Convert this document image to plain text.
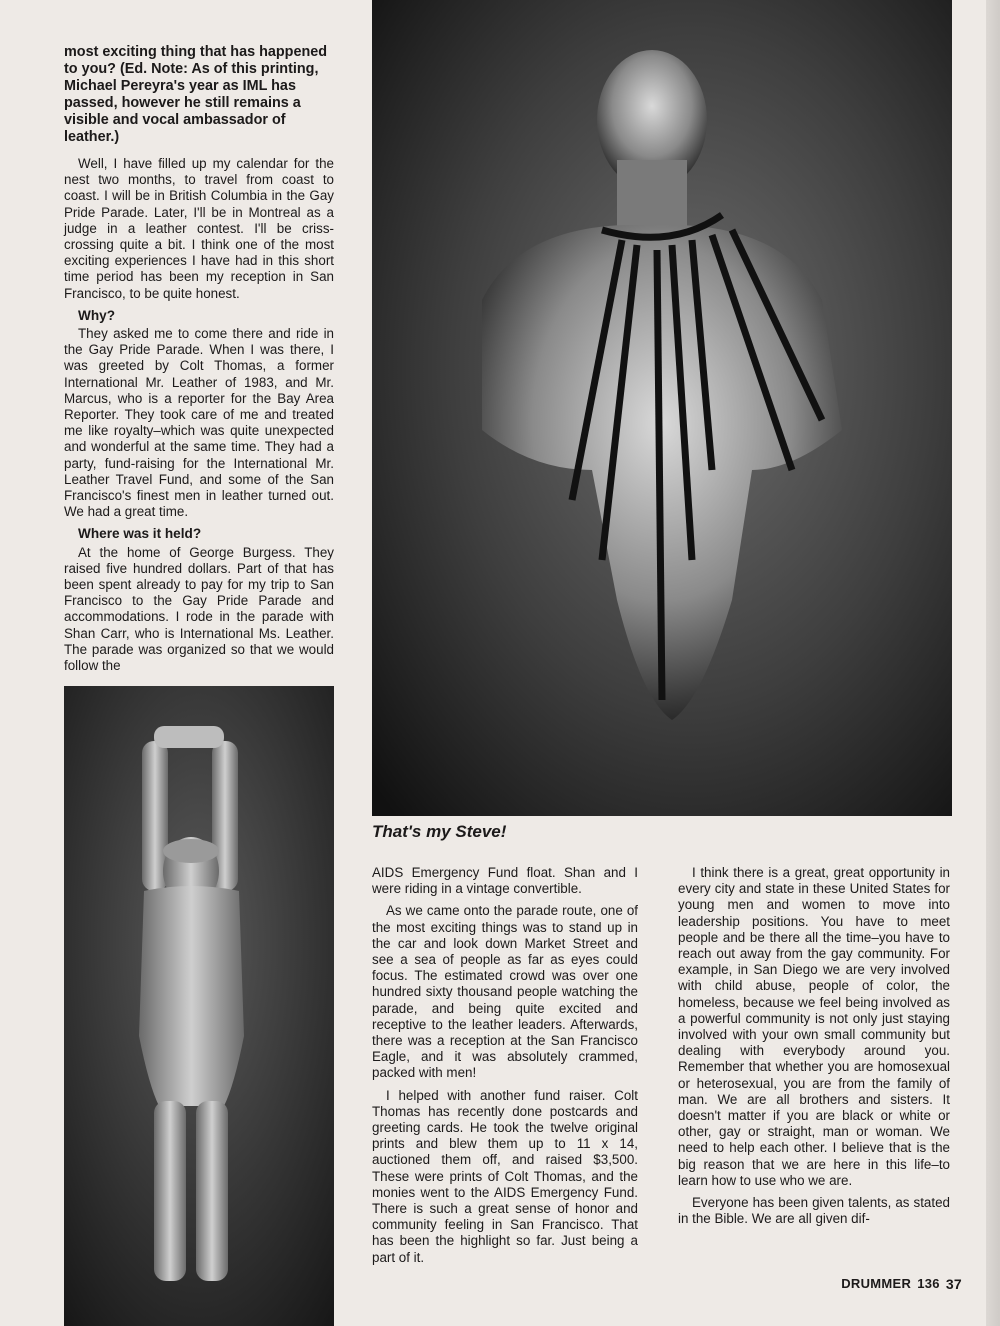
most exciting thing that has happened to you? (Ed. Note: As of this printing, Michael Pereyra's year as IML has passed, however he still remains a visible and vocal ambassador of leather.)

Well, I have filled up my calendar for the nest two months, to travel from coast to coast. I will be in British Columbia in the Gay Pride Parade. Later, I'll be in Montreal as a judge in a leather contest. I'll be criss-crossing quite a bit. I think one of the most exciting experiences I have had in this short time period has been my reception in San Francisco, to be quite honest.

Why?

They asked me to come there and ride in the Gay Pride Parade. When I was there, I was greeted by Colt Thomas, a former International Mr. Leather of 1983, and Mr. Marcus, who is a reporter for the Bay Area Reporter. They took care of me and treated me like royalty–which was quite unexpected and wonderful at the same time. They had a party, fund-raising for the International Mr. Leather Travel Fund, and some of the San Francisco's finest men in leather turned out. We had a great time.

Where was it held?

At the home of George Burgess. They raised five hundred dollars. Part of that has been spent already to pay for my trip to San Francisco to the Gay Pride Parade and accommodations. I rode in the parade with Shan Carr, who is International Ms. Leather. The parade was organized so that we would follow the

That's my Steve!

AIDS Emergency Fund float. Shan and I were riding in a vintage convertible.

As we came onto the parade route, one of the most exciting things was to stand up in the car and look down Market Street and see a sea of people as far as eyes could focus. The estimated crowd was over one hundred sixty thousand people watching the parade, and being quite excited and receptive to the leather leaders. Afterwards, there was a reception at the San Francisco Eagle, and it was absolutely crammed, packed with men!

I helped with another fund raiser. Colt Thomas has recently done postcards and greeting cards. He took the twelve original prints and blew them up to 11 x 14, auctioned them off, and raised $3,500. These were prints of Colt Thomas, and the monies went to the AIDS Emergency Fund. There is such a great sense of honor and community feeling in San Francisco. That has been the highlight so far. Just being a part of it.

I think there is a great, great opportunity in every city and state in these United States for young men and women to move into leadership positions. You have to meet people and be there all the time–you have to reach out away from the gay community. For example, in San Diego we are very involved with child abuse, people of color, the homeless, because we feel being involved as a powerful community is not only just staying involved with your own small community but dealing with everybody around you. Remember that whether you are homosexual or heterosexual, you are from the family of man. We are all brothers and sisters. It doesn't matter if you are black or white or other, gay or straight, man or woman. We need to help each other. I believe that is the big reason that we are here in this life–to learn how to use who we are.

Everyone has been given talents, as stated in the Bible. We are all given dif-

DRUMMER 136 37
